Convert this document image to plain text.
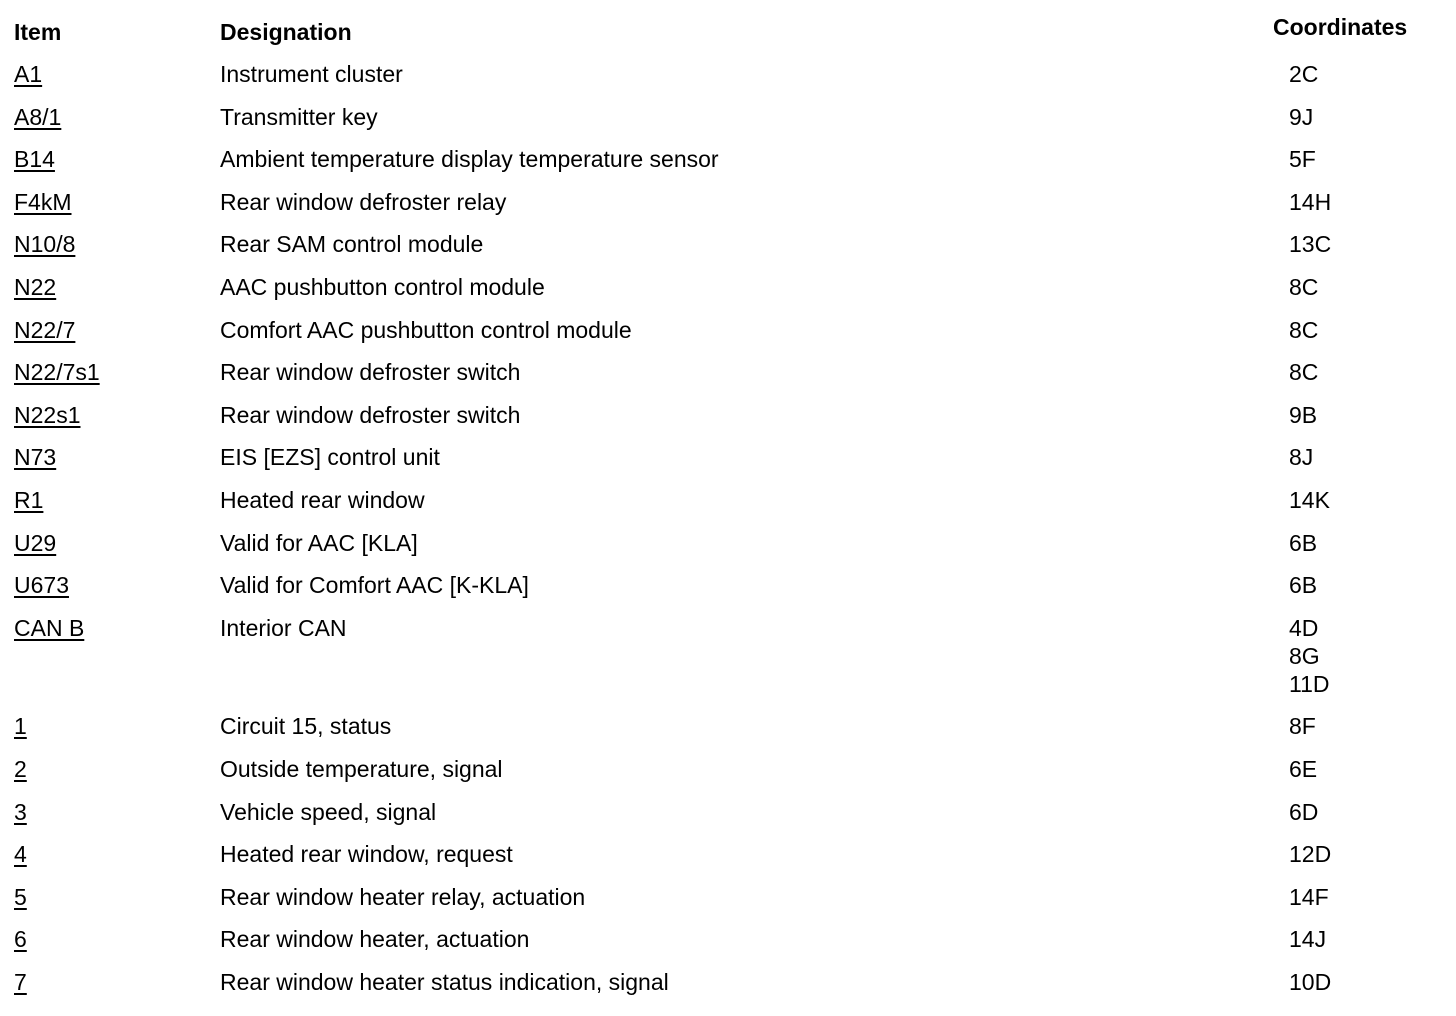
Item	Designation	Coordinates
A1	Instrument cluster	2C
A8/1	Transmitter key	9J
B14	Ambient temperature display temperature sensor	5F
F4kM	Rear window defroster relay	14H
N10/8	Rear SAM control module	13C
N22	AAC pushbutton control module	8C
N22/7	Comfort AAC pushbutton control module	8C
N22/7s1	Rear window defroster switch	8C
N22s1	Rear window defroster switch	9B
N73	EIS [EZS] control unit	8J
R1	Heated rear window	14K
U29	Valid for AAC [KLA]	6B
U673	Valid for Comfort AAC [K-KLA]	6B
CAN B	Interior CAN	4D
8G
11D
1	Circuit 15, status	8F
2	Outside temperature, signal	6E
3	Vehicle speed, signal	6D
4	Heated rear window, request	12D
5	Rear window heater relay, actuation	14F
6	Rear window heater, actuation	14J
7	Rear window heater status indication, signal	10D
